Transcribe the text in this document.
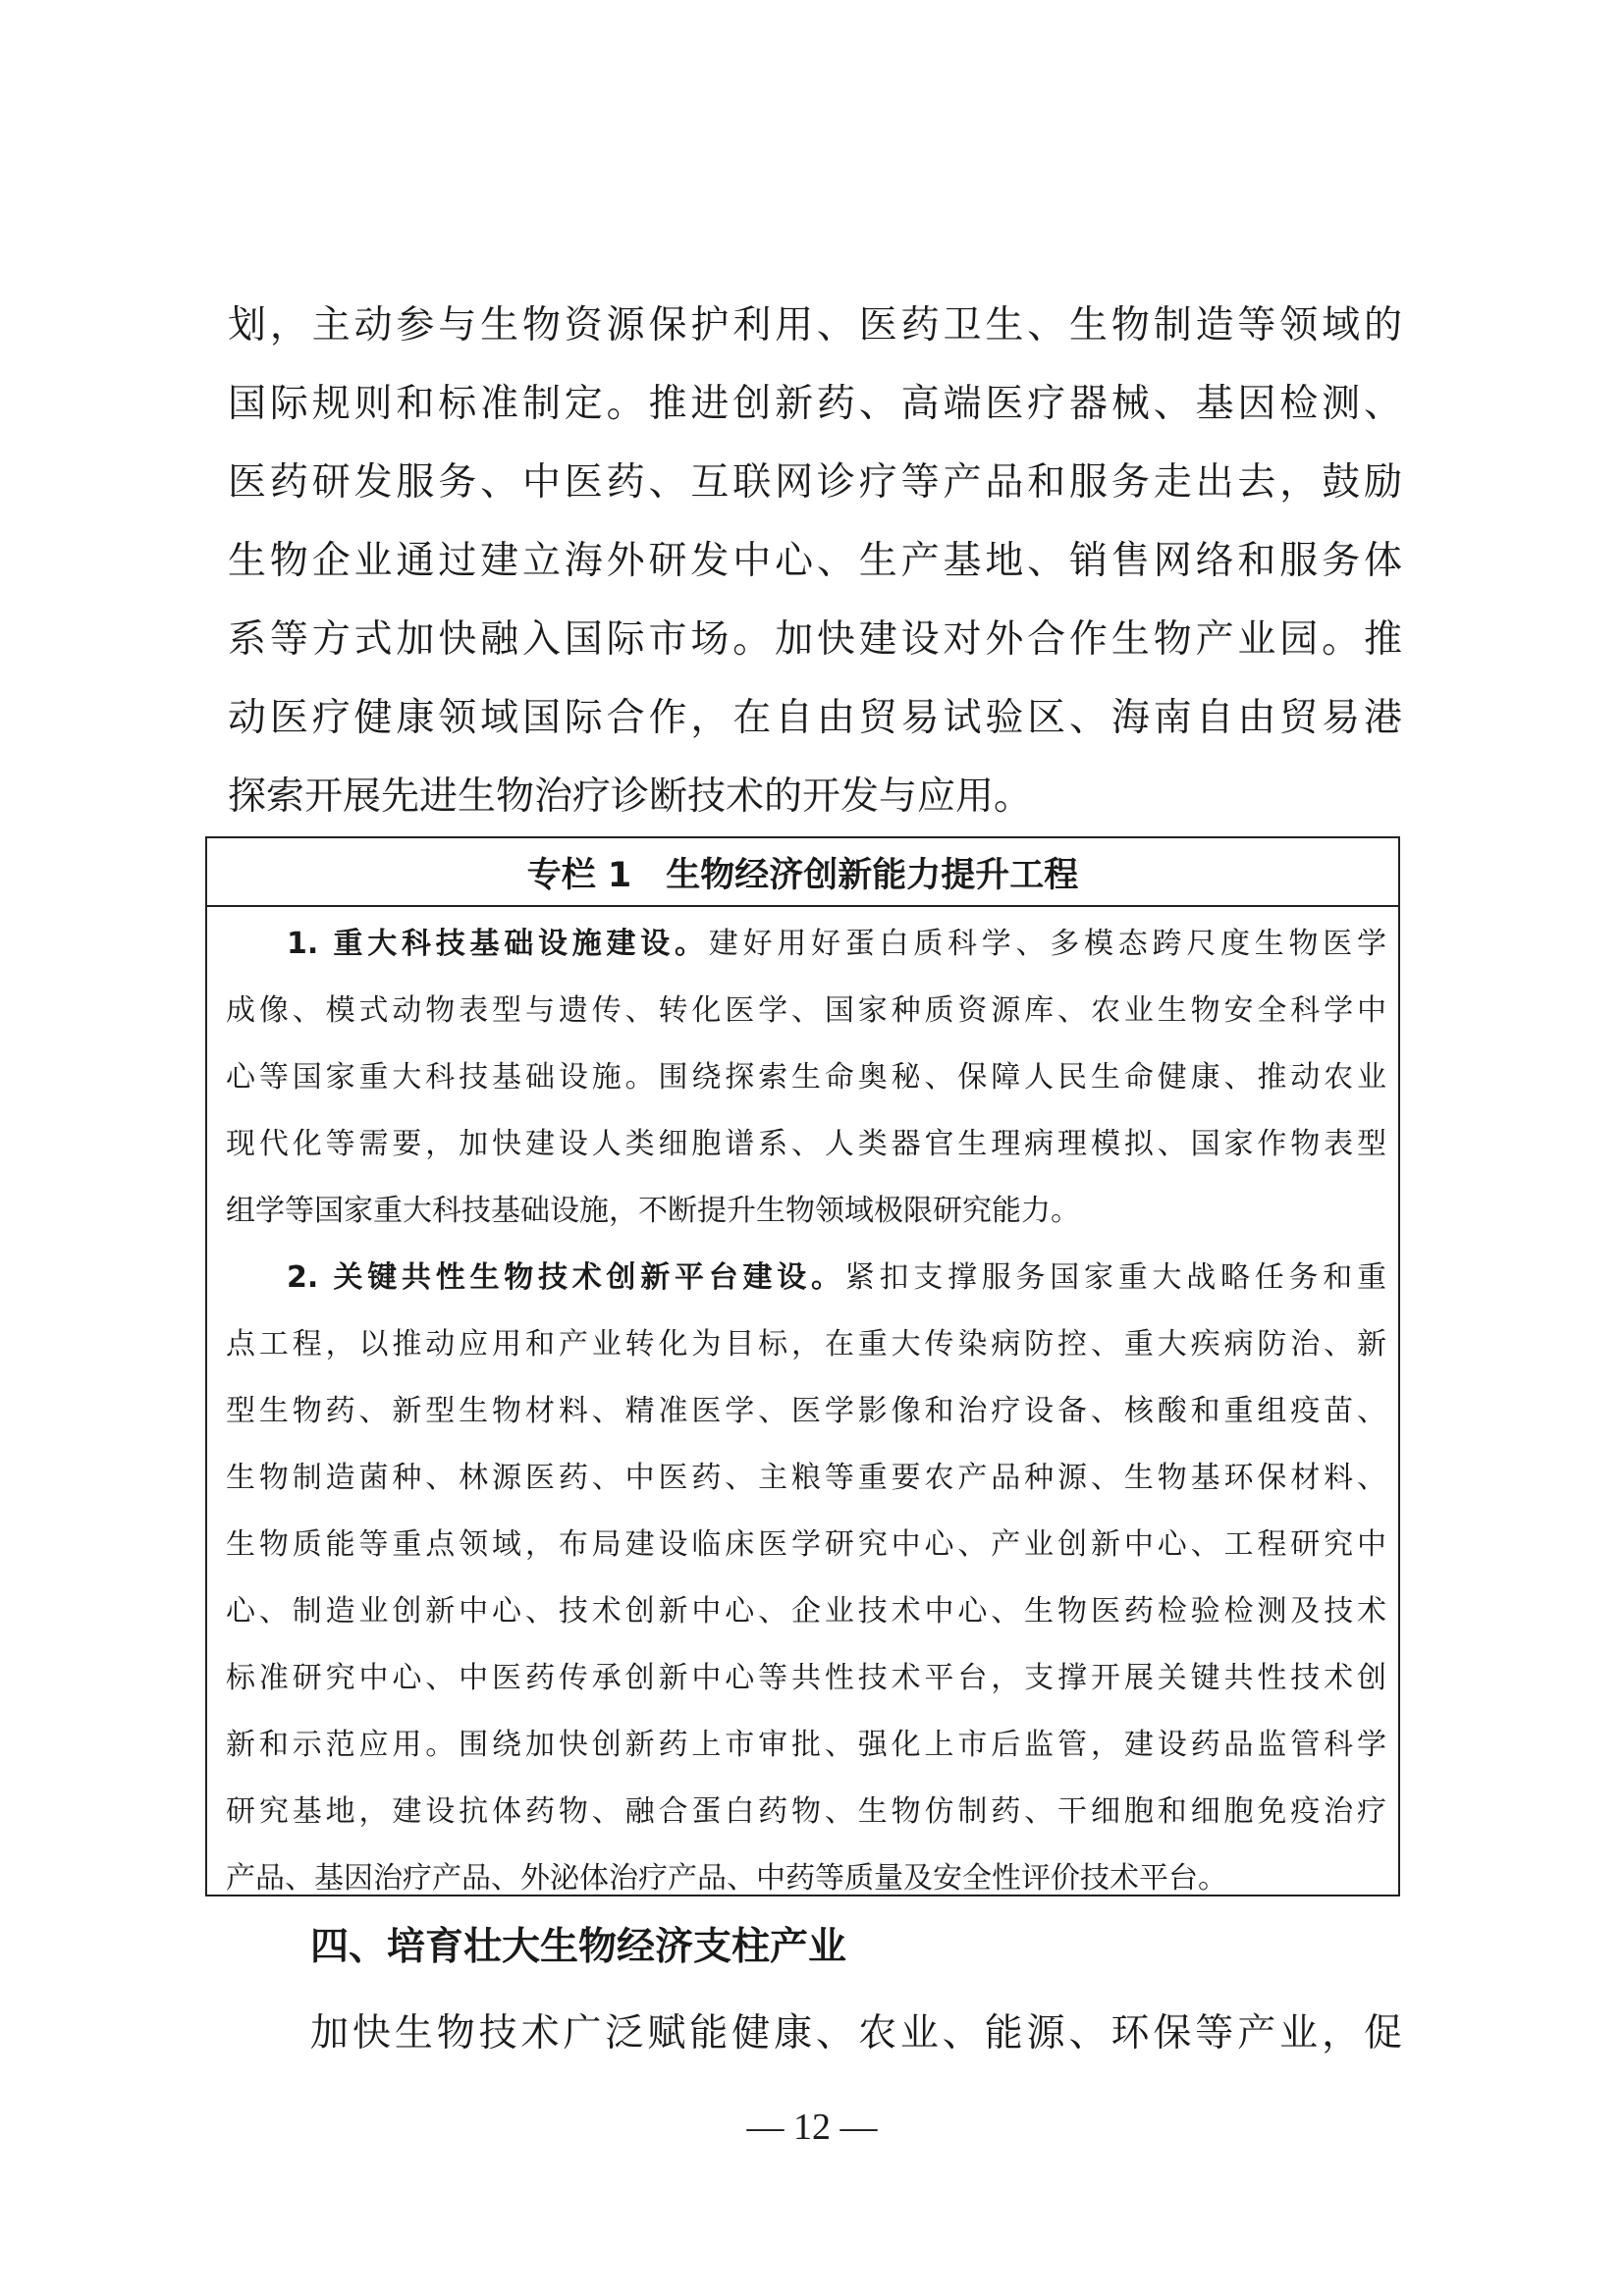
划，主动参与生物资源保护利用、医药卫生、生物制造等领域的
国际规则和标准制定。推进创新药、高端医疗器械、基因检测、
医药研发服务、中医药、互联网诊疗等产品和服务走出去，鼓励
生物企业通过建立海外研发中心、生产基地、销售网络和服务体
系等方式加快融入国际市场。加快建设对外合作生物产业园。推
动医疗健康领域国际合作，在自由贸易试验区、海南自由贸易港
探索开展先进生物治疗诊断技术的开发与应用。
专栏 1　生物经济创新能力提升工程
1. 重大科技基础设施建设。建好用好蛋白质科学、多模态跨尺度生物医学
成像、模式动物表型与遗传、转化医学、国家种质资源库、农业生物安全科学中
心等国家重大科技基础设施。围绕探索生命奥秘、保障人民生命健康、推动农业
现代化等需要，加快建设人类细胞谱系、人类器官生理病理模拟、国家作物表型
组学等国家重大科技基础设施，不断提升生物领域极限研究能力。
2. 关键共性生物技术创新平台建设。紧扣支撑服务国家重大战略任务和重
点工程，以推动应用和产业转化为目标，在重大传染病防控、重大疾病防治、新
型生物药、新型生物材料、精准医学、医学影像和治疗设备、核酸和重组疫苗、
生物制造菌种、林源医药、中医药、主粮等重要农产品种源、生物基环保材料、
生物质能等重点领域，布局建设临床医学研究中心、产业创新中心、工程研究中
心、制造业创新中心、技术创新中心、企业技术中心、生物医药检验检测及技术
标准研究中心、中医药传承创新中心等共性技术平台，支撑开展关键共性技术创
新和示范应用。围绕加快创新药上市审批、强化上市后监管，建设药品监管科学
研究基地，建设抗体药物、融合蛋白药物、生物仿制药、干细胞和细胞免疫治疗
产品、基因治疗产品、外泌体治疗产品、中药等质量及安全性评价技术平台。
四、培育壮大生物经济支柱产业
加快生物技术广泛赋能健康、农业、能源、环保等产业，促
— 12 —
